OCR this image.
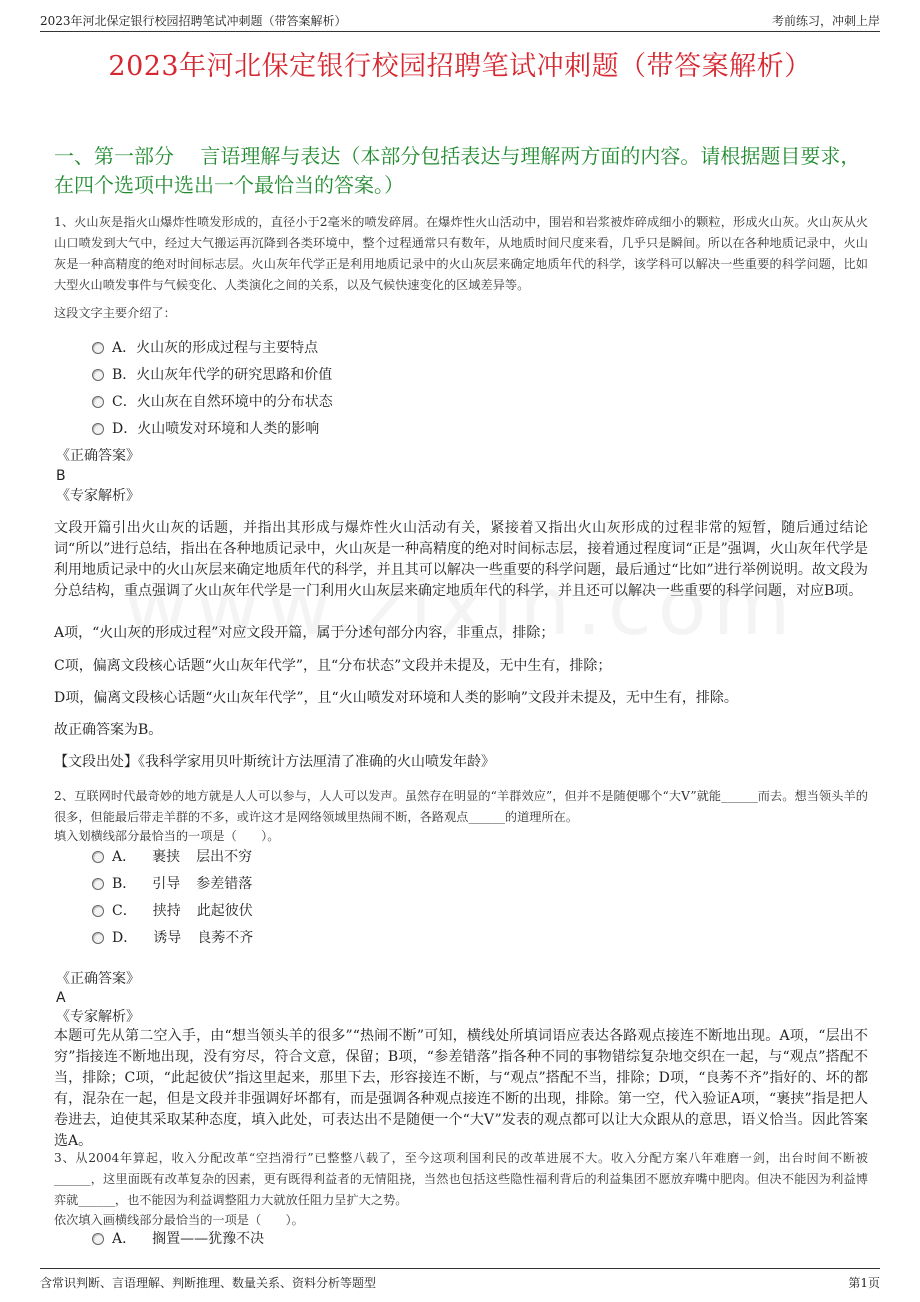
2023年河北保定银行校园招聘笔试冲刺题（带答案解析）	考前练习，冲刺上岸
2023年河北保定银行校园招聘笔试冲刺题（带答案解析）
一、第一部分　 言语理解与表达（本部分包括表达与理解两方面的内容。请根据题目要求，在四个选项中选出一个最恰当的答案。）
1、火山灰是指火山爆炸性喷发形成的，直径小于2毫米的喷发碎屑。在爆炸性火山活动中，围岩和岩浆被炸碎成细小的颗粒，形成火山灰。火山灰从火山口喷发到大气中，经过大气搬运再沉降到各类环境中，整个过程通常只有数年，从地质时间尺度来看，几乎只是瞬间。所以在各种地质记录中，火山灰是一种高精度的绝对时间标志层。火山灰年代学正是利用地质记录中的火山灰层来确定地质年代的科学，该学科可以解决一些重要的科学问题，比如大型火山喷发事件与气候变化、人类演化之间的关系，以及气候快速变化的区域差异等。
这段文字主要介绍了：
A．火山灰的形成过程与主要特点
B．火山灰年代学的研究思路和价值
C．火山灰在自然环境中的分布状态
D．火山喷发对环境和人类的影响
《正确答案》
B
《专家解析》
文段开篇引出火山灰的话题，并指出其形成与爆炸性火山活动有关，紧接着又指出火山灰形成的过程非常的短暂，随后通过结论词“所以”进行总结，指出在各种地质记录中，火山灰是一种高精度的绝对时间标志层，接着通过程度词“正是”强调，火山灰年代学是利用地质记录中的火山灰层来确定地质年代的科学，并且其可以解决一些重要的科学问题，最后通过“比如”进行举例说明。故文段为分总结构，重点强调了火山灰年代学是一门利用火山灰层来确定地质年代的科学，并且还可以解决一些重要的科学问题，对应B项。
A项，“火山灰的形成过程”对应文段开篇，属于分述句部分内容，非重点，排除；
C项，偏离文段核心话题“火山灰年代学”，且“分布状态”文段并未提及，无中生有，排除；
D项，偏离文段核心话题“火山灰年代学”，且“火山喷发对环境和人类的影响”文段并未提及，无中生有，排除。
故正确答案为B。
【文段出处】《我科学家用贝叶斯统计方法厘清了准确的火山喷发年龄》
2、互联网时代最奇妙的地方就是人人可以参与，人人可以发声。虽然存在明显的“羊群效应”，但并不是随便哪个“大V”就能______而去。想当领头羊的很多，但能最后带走羊群的不多，或许这才是网络领域里热闹不断，各路观点______的道理所在。
填入划横线部分最恰当的一项是（　　）。
A． 裹挟 层出不穷
B． 引导 参差错落
C． 挟持 此起彼伏
D． 诱导 良莠不齐
《正确答案》
A
《专家解析》
本题可先从第二空入手，由“想当领头羊的很多”“热闹不断”可知，横线处所填词语应表达各路观点接连不断地出现。A项，“层出不穷”指接连不断地出现，没有穷尽，符合文意，保留；B项，“参差错落”指各种不同的事物错综复杂地交织在一起，与“观点”搭配不当，排除；C项，“此起彼伏”指这里起来，那里下去，形容接连不断，与“观点”搭配不当，排除；D项，“良莠不齐”指好的、坏的都有，混杂在一起，但是文段并非强调好坏都有，而是强调各种观点接连不断的出现，排除。第一空，代入验证A项，“裹挟”指是把人卷进去，迫使其采取某种态度，填入此处，可表达出不是随便一个“大V”发表的观点都可以让大众跟从的意思，语义恰当。因此答案选A。
3、从2004年算起，收入分配改革“空挡滑行”已整整八载了，至今这项利国利民的改革进展不大。收入分配方案八年难磨一剑，出台时间不断被______，这里面既有改革复杂的因素，更有既得利益者的无情阻挠，当然也包括这些隐性福利背后的利益集团不愿放弃嘴中肥肉。但决不能因为利益博弈就______，也不能因为利益调整阻力大就放任阻力呈扩大之势。
依次填入画横线部分最恰当的一项是（　　）。
A． 搁置——犹豫不决
含常识判断、言语理解、判断推理、数量关系、资料分析等题型	第1页
